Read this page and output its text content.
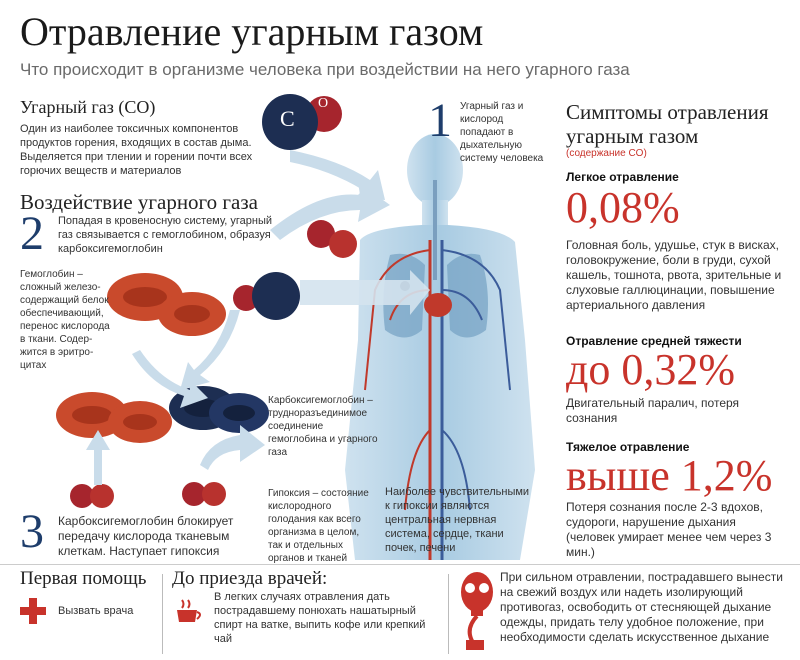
Отравление угарным газом
Что происходит в организме человека при воздействии на него угарного газа
C
O
Угарный газ (CO)
Один из наиболее токсичных компонентов продуктов горения, входящих в состав дыма. Выделяется при тлении и горении почти всех горючих веществ и материалов
1 Угарный газ и кислород попадают в дыхательную систему человека
Воздействие угарного газа
2 Попадая в кровеносную систему, угарный газ связывается с гемоглобином, образуя карбоксигемоглобин
Гемоглобин – сложный железо-содержащий белок обеспечивающий, перенос кислорода в ткани. Содер-жится в эритро-цитах
Карбоксигемоглобин – трудноразъединимое соединение гемоглобина и угарного газа
Гипоксия – состояние кислородного голодания как всего организма в целом, так и отдельных органов и тканей
Наиболее чувствительными к гипоксии являются центральная нервная система, сердце, ткани почек, печени
3 Карбоксигемоглобин блокирует передачу кислорода тканевым клеткам. Наступает гипоксия
Симптомы отравления угарным газом
(содержание CO)
Легкое отравление
0,08%
Головная боль, удушье, стук в висках, головокружение, боли в груди, сухой кашель, тошнота, рвота, зрительные и слуховые галлюцинации, повышение артериального давления
Отравление средней тяжести
до 0,32%
Двигательный паралич, потеря сознания
Тяжелое отравление
выше 1,2%
Потеря сознания после 2-3 вдохов, судороги, нарушение дыхания (человек умирает менее чем через 3 мин.)
Первая помощь
Вызвать врача
До приезда врачей:
В легких случаях отравления дать пострадавшему понюхать нашатырный спирт на ватке, выпить кофе или крепкий чай
При сильном отравлении, пострадавшего вынести на свежий воздух или надеть изолирующий противогаз, освободить от стесняющей дыхание одежды, придать телу удобное положение, при необходимости сделать искусственное дыхание
